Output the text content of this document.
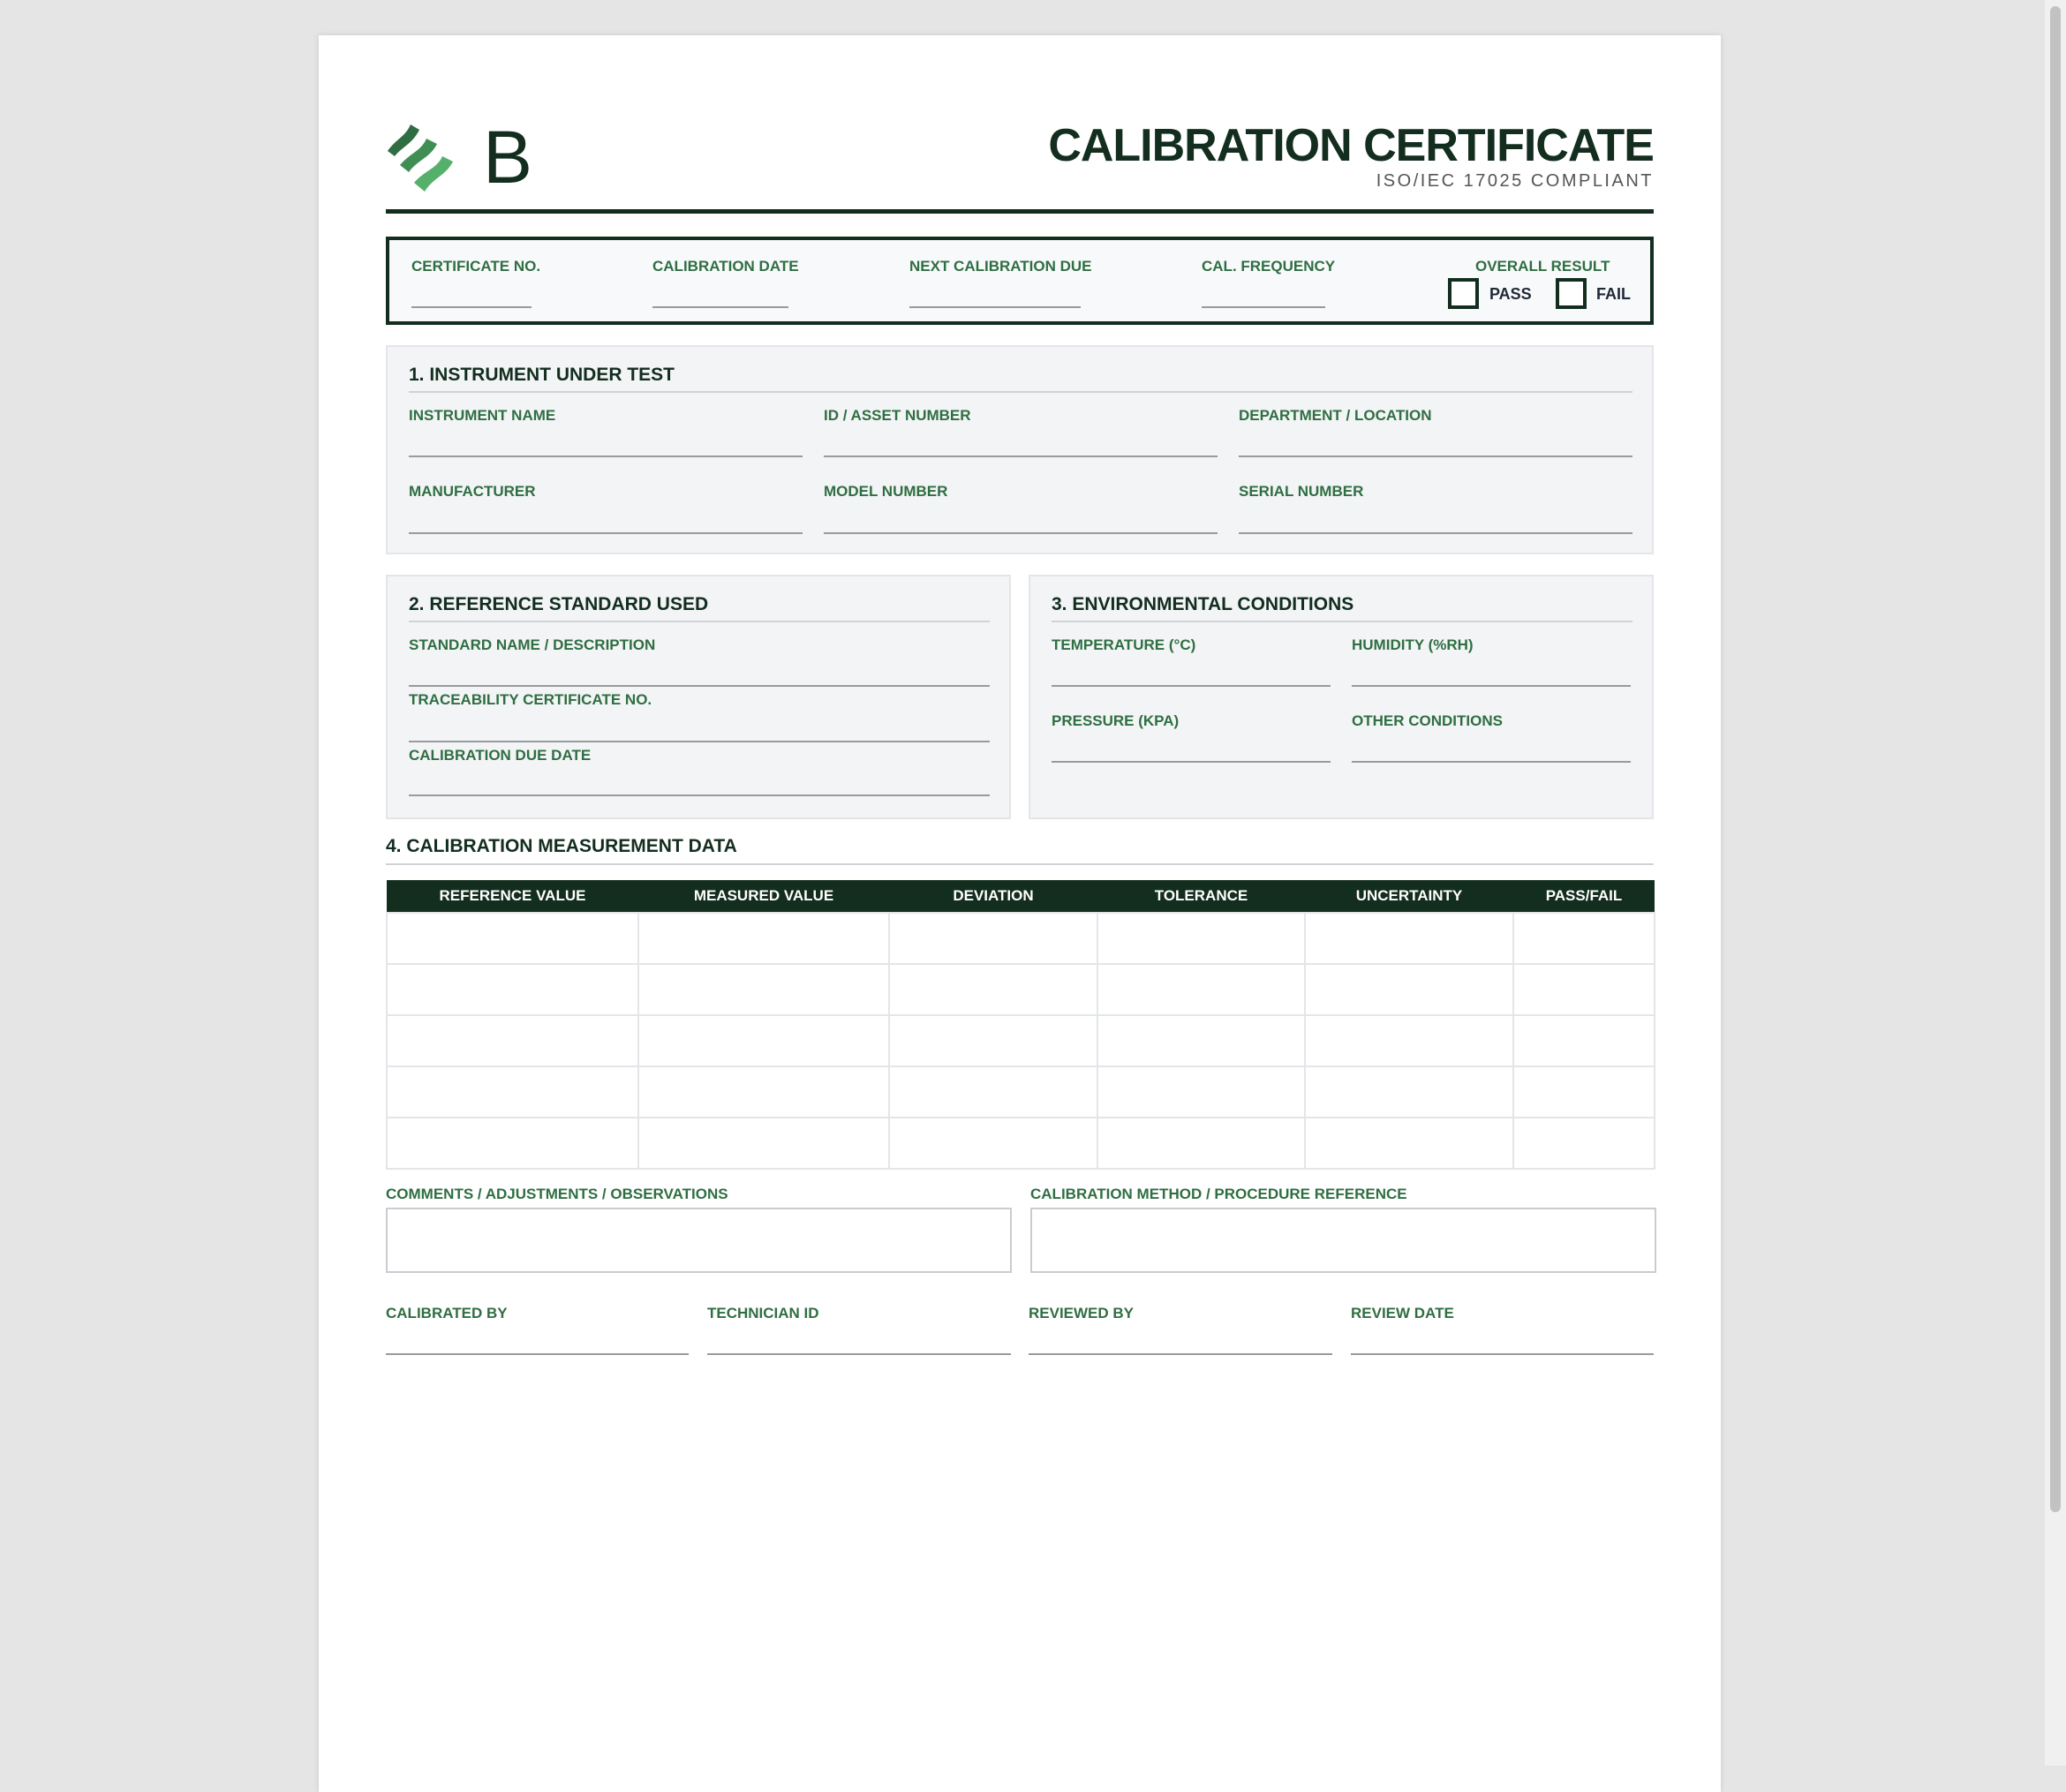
B	CALIBRATION CERTIFICATE
ISO/IEC 17025 COMPLIANT
CERTIFICATE NO.	CALIBRATION DATE	NEXT CALIBRATION DUE	CAL. FREQUENCY	OVERALL RESULT
PASS	FAIL
1. INSTRUMENT UNDER TEST
INSTRUMENT NAME	ID / ASSET NUMBER	DEPARTMENT / LOCATION
MANUFACTURER	MODEL NUMBER	SERIAL NUMBER
2. REFERENCE STANDARD USED
STANDARD NAME / DESCRIPTION
TRACEABILITY CERTIFICATE NO.
CALIBRATION DUE DATE
3. ENVIRONMENTAL CONDITIONS
TEMPERATURE (°C)	HUMIDITY (%RH)
PRESSURE (KPA)	OTHER CONDITIONS
4. CALIBRATION MEASUREMENT DATA
REFERENCE VALUE	MEASURED VALUE	DEVIATION	TOLERANCE	UNCERTAINTY	PASS/FAIL

COMMENTS / ADJUSTMENTS / OBSERVATIONS	CALIBRATION METHOD / PROCEDURE REFERENCE
CALIBRATED BY	TECHNICIAN ID	REVIEWED BY	REVIEW DATE
